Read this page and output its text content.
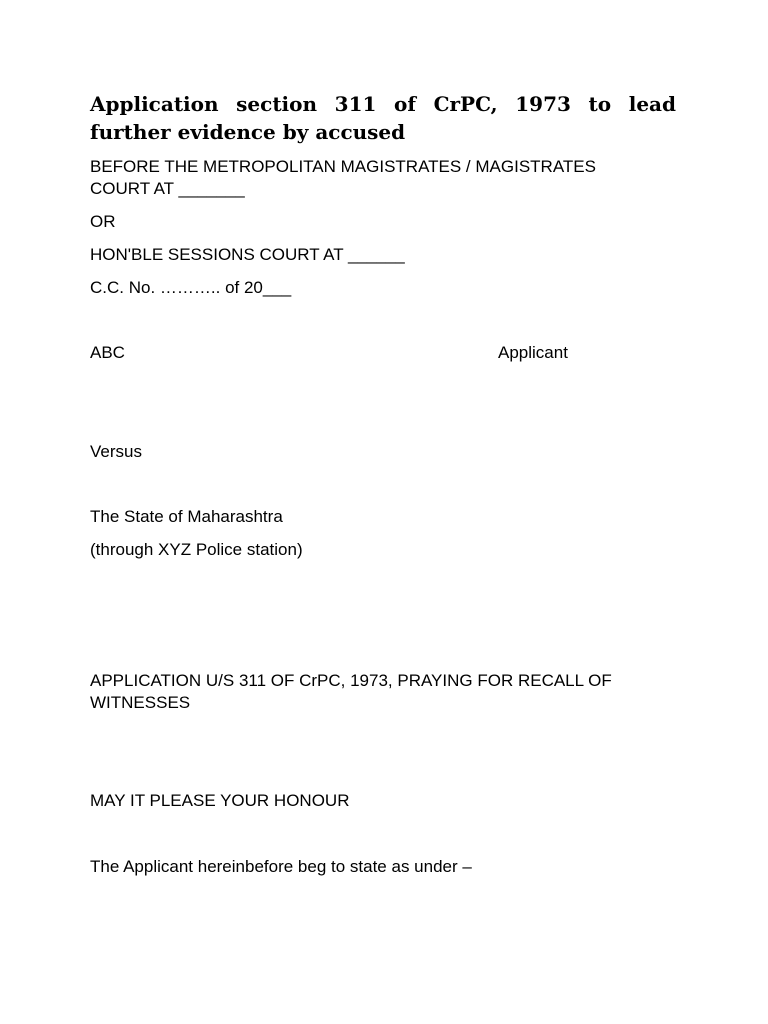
Application section 311 of CrPC, 1973 to lead further evidence by accused

BEFORE THE METROPOLITAN MAGISTRATES / MAGISTRATES COURT AT _______

OR

HON'BLE SESSIONS COURT AT ______

C.C. No. ……….. of 20___

ABC	Applicant

Versus

The State of Maharashtra

(through XYZ Police station)

APPLICATION U/S 311 OF CrPC, 1973, PRAYING FOR RECALL OF WITNESSES

MAY IT PLEASE YOUR HONOUR

The Applicant hereinbefore beg to state as under –
